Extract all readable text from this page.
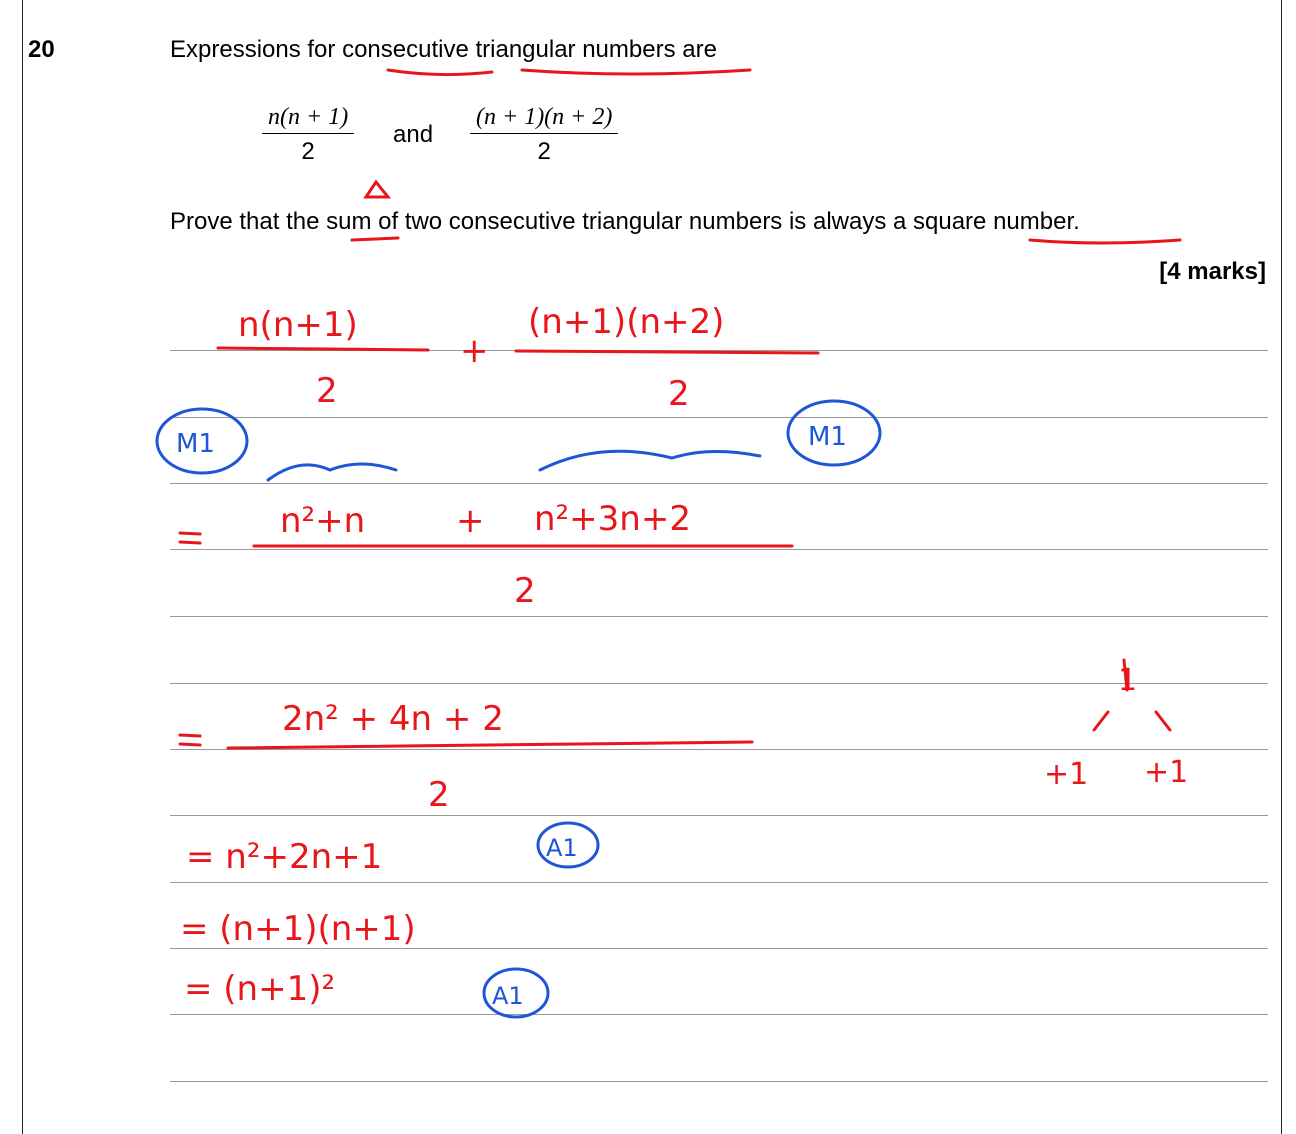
20	Expressions for consecutive triangular numbers are
$\frac{n(n + 1)}{2}$ and $\frac{(n + 1)(n + 2)}{2}$
Prove that the sum of two consecutive triangular numbers is always a square number.
[4 marks]
n(n+1)
+
(n+1)(n+2)
2	2
M1	M1
n²+n	+ n²+3n+2
2
2n² + 4n + 2
2
= n²+2n+1	A1
= (n+1)(n+1)
= (n+1)²	A1
1
+1 +1
